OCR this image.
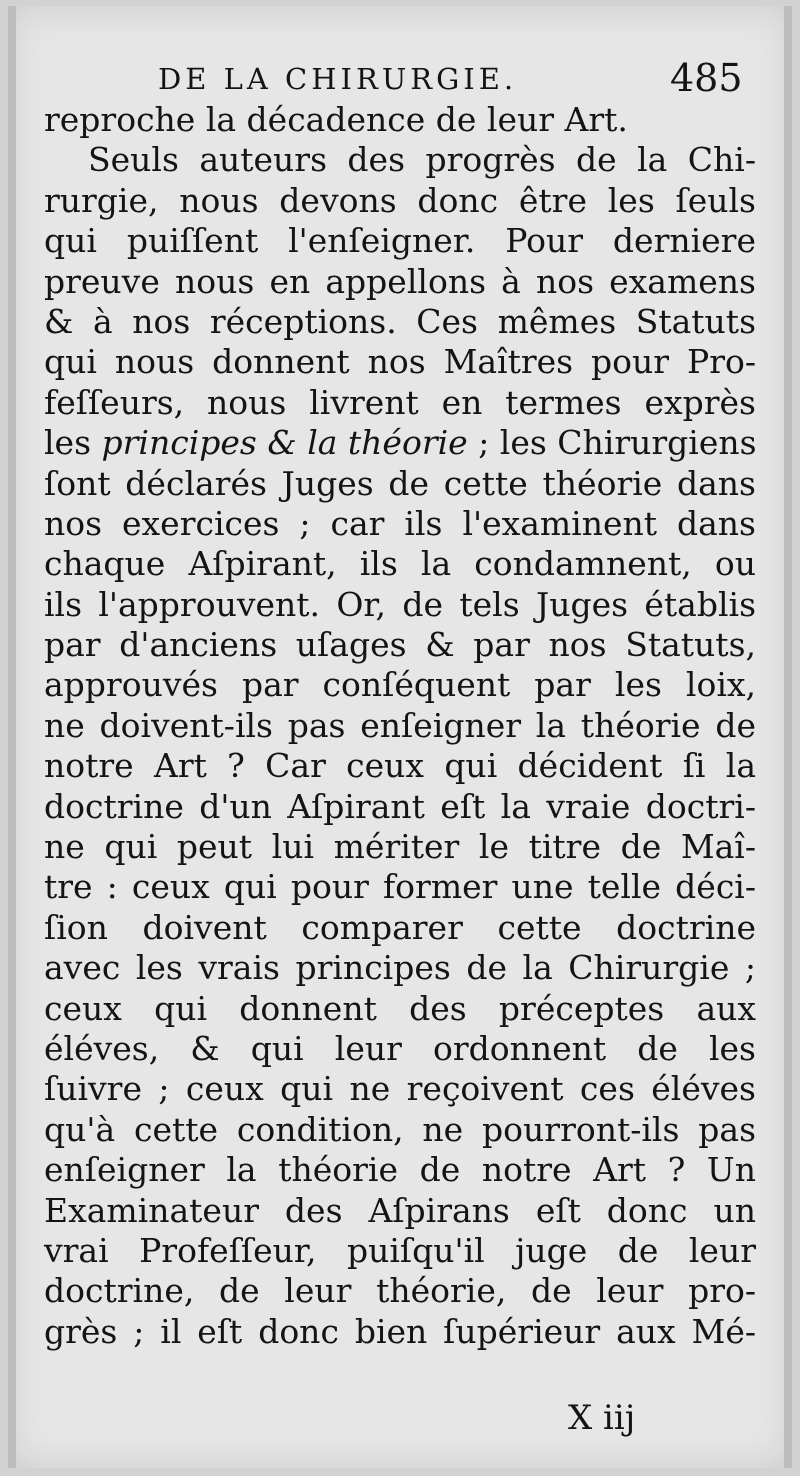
DE LA CHIRURGIE.	485
reproche la décadence de leur Art.
Seuls auteurs des progrès de la Chi-
rurgie, nous devons donc être les ſeuls
qui puiſſent l'enſeigner. Pour derniere
preuve nous en appellons à nos examens
& à nos réceptions. Ces mêmes Statuts
qui nous donnent nos Maîtres pour Pro-
feſſeurs, nous livrent en termes exprès
les principes & la théorie ; les Chirurgiens
ſont déclarés Juges de cette théorie dans
nos exercices ; car ils l'examinent dans
chaque Aſpirant, ils la condamnent, ou
ils l'approuvent. Or, de tels Juges établis
par d'anciens uſages & par nos Statuts,
approuvés par conſéquent par les loix,
ne doivent-ils pas enſeigner la théorie de
notre Art ? Car ceux qui décident ſi la
doctrine d'un Aſpirant eſt la vraie doctri-
ne qui peut lui mériter le titre de Maî-
tre : ceux qui pour former une telle déci-
ſion doivent comparer cette doctrine
avec les vrais principes de la Chirurgie ;
ceux qui donnent des préceptes aux
éléves, & qui leur ordonnent de les
ſuivre ; ceux qui ne reçoivent ces éléves
qu'à cette condition, ne pourront-ils pas
enſeigner la théorie de notre Art ? Un
Examinateur des Aſpirans eſt donc un
vrai Profeſſeur, puiſqu'il juge de leur
doctrine, de leur théorie, de leur pro-
grès ; il eſt donc bien ſupérieur aux Mé-
X iij
